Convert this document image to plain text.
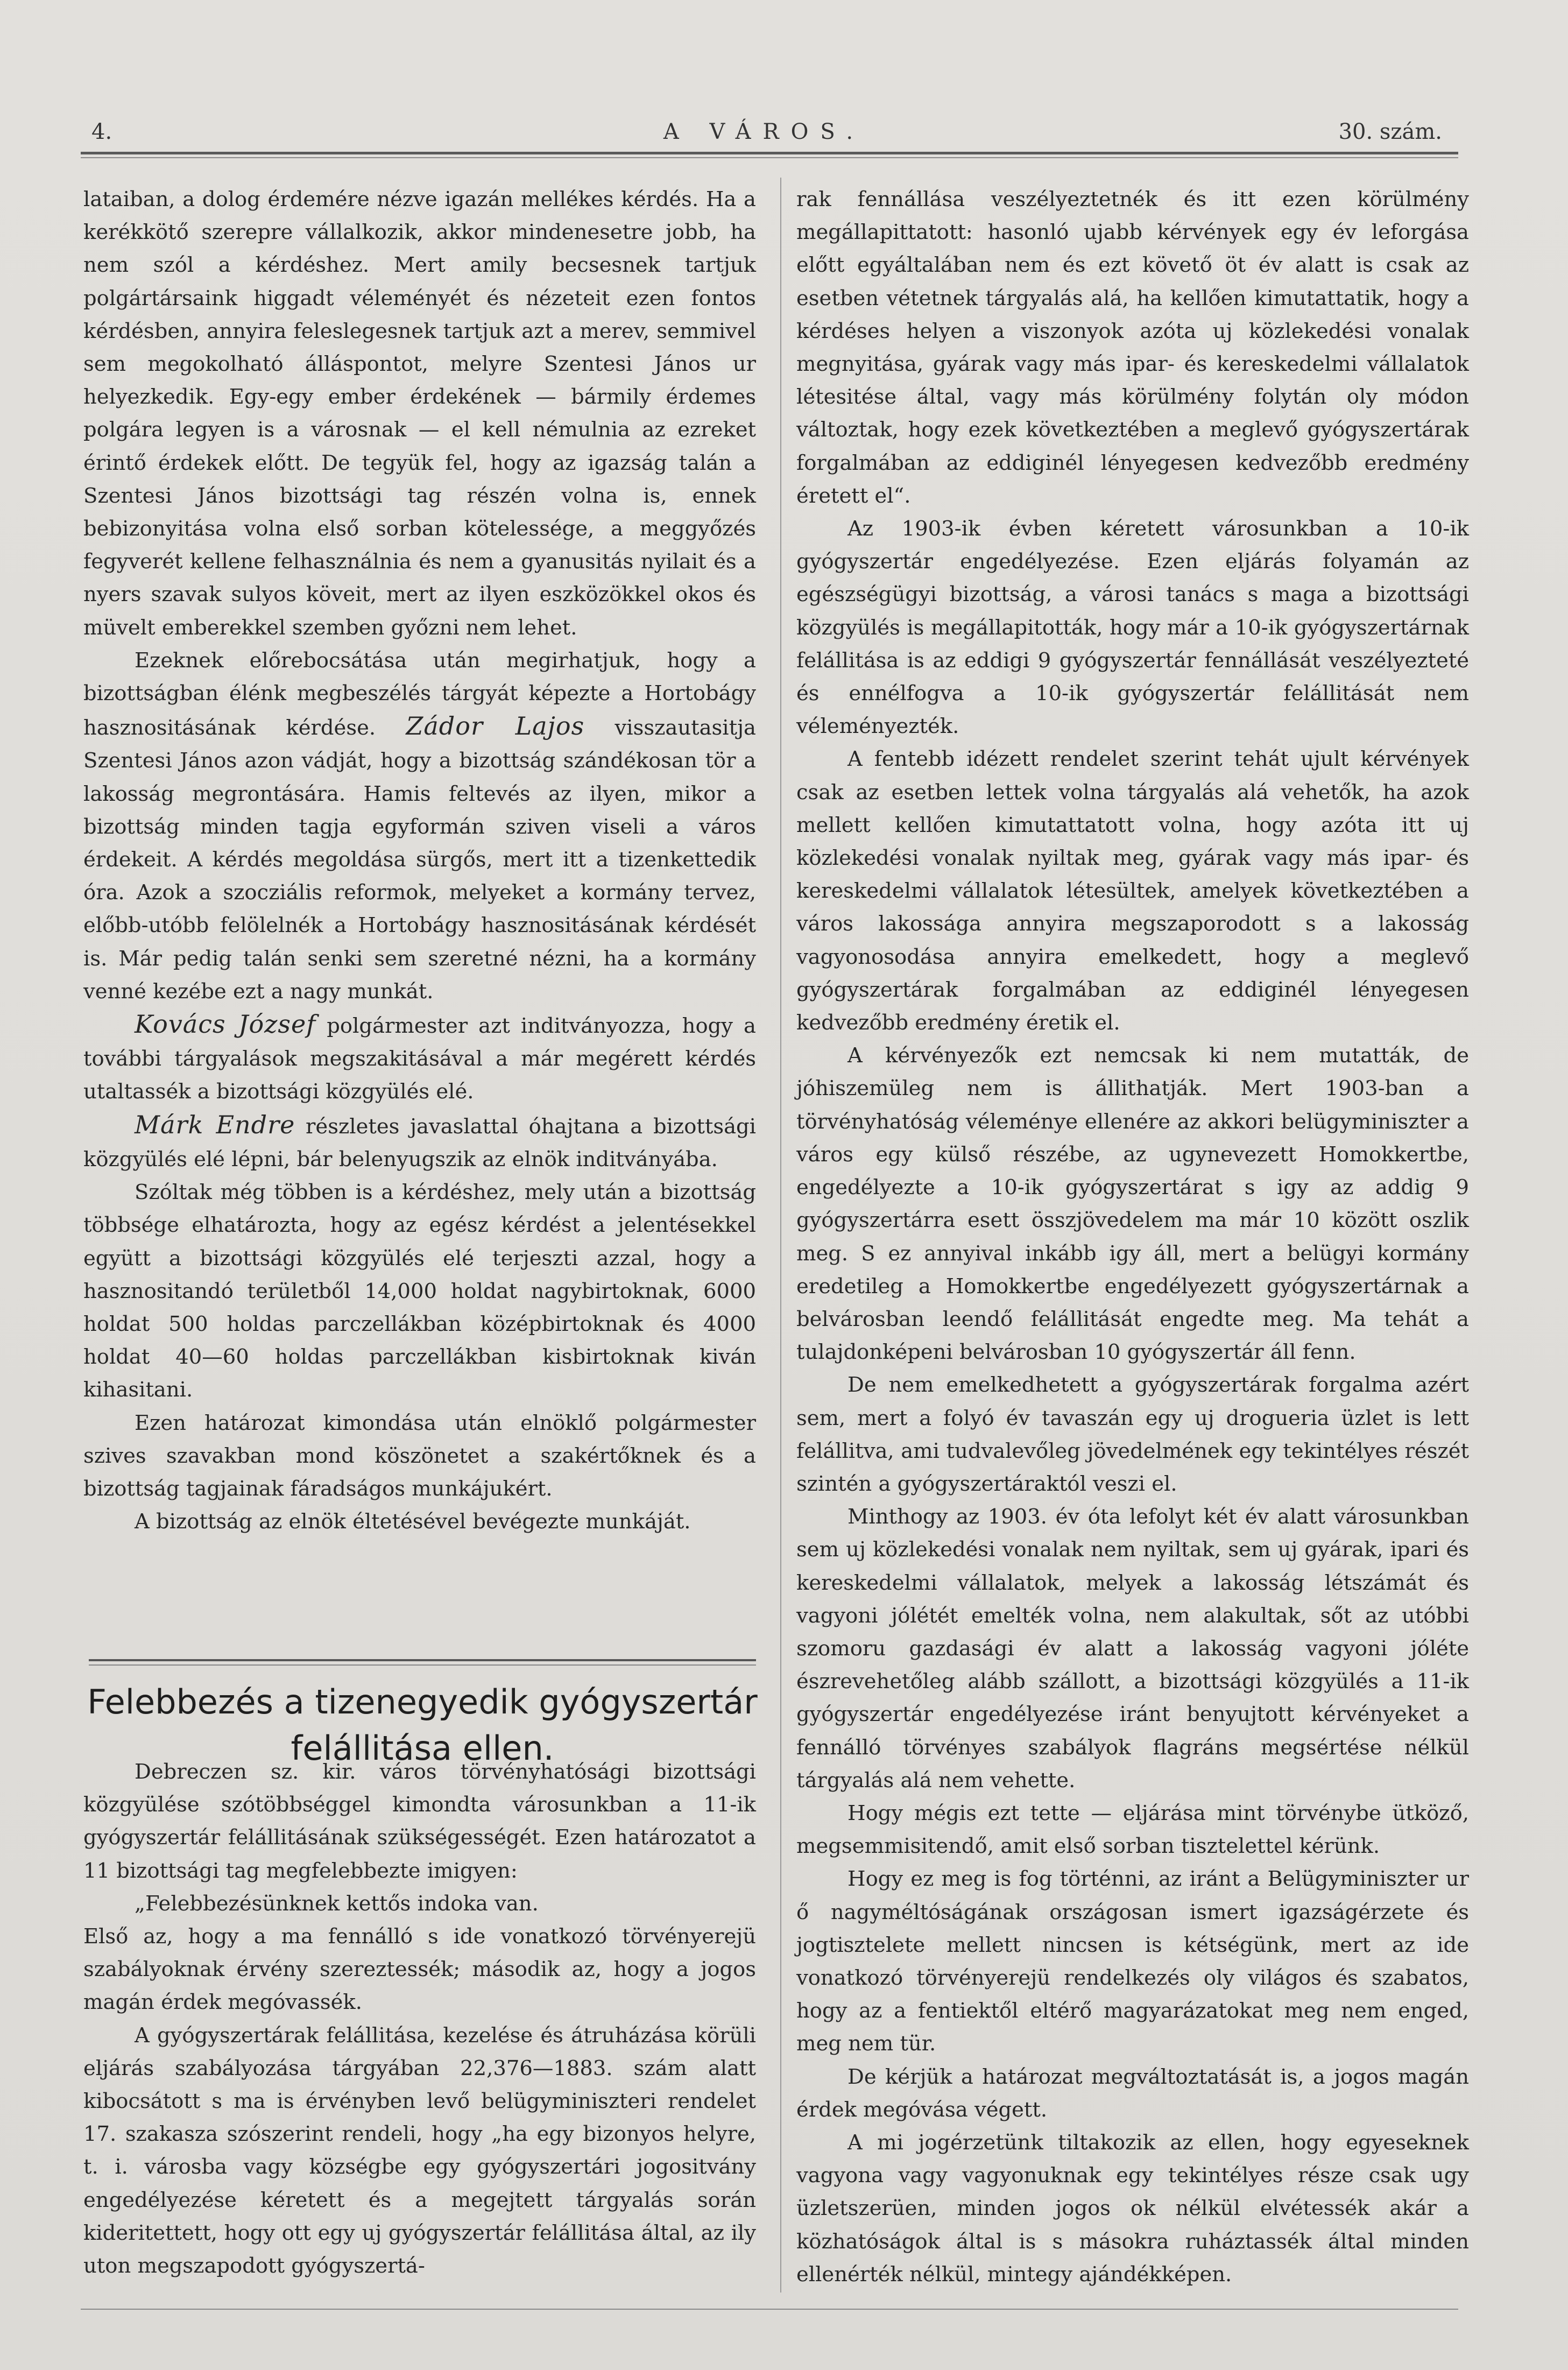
4.	A VÁROS.	30. szám.

lataiban, a dolog érdemére nézve igazán mellékes kérdés. Ha a kerékkötő szerepre vállalkozik, akkor mindenesetre jobb, ha nem szól a kérdéshez. Mert amily becsesnek tartjuk polgártársaink higgadt véleményét és nézeteit ezen fontos kérdésben, annyira feleslegesnek tartjuk azt a merev, semmivel sem megokolható álláspontot, melyre Szentesi János ur helyezkedik. Egy-egy ember érdekének — bármily érdemes polgára legyen is a városnak — el kell némulnia az ezreket érintő érdekek előtt. De tegyük fel, hogy az igazság talán a Szentesi János bizottsági tag részén volna is, ennek bebizonyitása volna első sorban kötelessége, a meggyőzés fegyverét kellene felhasználnia és nem a gyanusitás nyilait és a nyers szavak sulyos köveit, mert az ilyen eszközökkel okos és müvelt emberekkel szemben győzni nem lehet.

Ezeknek előrebocsátása után megirhatjuk, hogy a bizottságban élénk megbeszélés tárgyát képezte a Hortobágy hasznositásának kérdése. Zádor Lajos visszautasitja Szentesi János azon vádját, hogy a bizottság szándékosan tör a lakosság megrontására. Hamis feltevés az ilyen, mikor a bizottság minden tagja egyformán sziven viseli a város érdekeit. A kérdés megoldása sürgős, mert itt a tizenkettedik óra. Azok a szocziális reformok, melyeket a kormány tervez, előbb-utóbb felölelnék a Hortobágy hasznositásának kérdését is. Már pedig talán senki sem szeretné nézni, ha a kormány venné kezébe ezt a nagy munkát.

Kovács József polgármester azt inditványozza, hogy a további tárgyalások megszakitásával a már megérett kérdés utaltassék a bizottsági közgyülés elé.

Márk Endre részletes javaslattal óhajtana a bizottsági közgyülés elé lépni, bár belenyugszik az elnök inditványába.

Szóltak még többen is a kérdéshez, mely után a bizottság többsége elhatározta, hogy az egész kérdést a jelentésekkel együtt a bizottsági közgyülés elé terjeszti azzal, hogy a hasznositandó területből 14,000 holdat nagybirtoknak, 6000 holdat 500 holdas parczellákban középbirtoknak és 4000 holdat 40—60 holdas parczellákban kisbirtoknak kiván kihasitani.

Ezen határozat kimondása után elnöklő polgármester szives szavakban mond köszönetet a szakértőknek és a bizottság tagjainak fáradságos munkájukért.

A bizottság az elnök éltetésével bevégezte munkáját.

Felebbezés a tizenegyedik gyógyszertár felállitása ellen.

Debreczen sz. kir. város törvényhatósági bizottsági közgyülése szótöbbséggel kimondta városunkban a 11-ik gyógyszertár felállitásának szükségességét. Ezen határozatot a 11 bizottsági tag megfelebbezte imigyen:

„Felebbezésünknek kettős indoka van.

Első az, hogy a ma fennálló s ide vonatkozó törvényerejü szabályoknak érvény szereztessék; második az, hogy a jogos magán érdek megóvassék.

A gyógyszertárak felállitása, kezelése és átruházása körüli eljárás szabályozása tárgyában 22,376—1883. szám alatt kibocsátott s ma is érvényben levő belügyminiszteri rendelet 17. szakasza szószerint rendeli, hogy „ha egy bizonyos helyre, t. i. városba vagy községbe egy gyógyszertári jogositvány engedélyezése kéretett és a megejtett tárgyalás során kideritettett, hogy ott egy uj gyógyszertár felállitása által, az ily uton megszapodott gyógyszertá-

rak fennállása veszélyeztetnék és itt ezen körülmény megállapittatott: hasonló ujabb kérvények egy év leforgása előtt egyáltalában nem és ezt követő öt év alatt is csak az esetben vétetnek tárgyalás alá, ha kellően kimutattatik, hogy a kérdéses helyen a viszonyok azóta uj közlekedési vonalak megnyitása, gyárak vagy más ipar- és kereskedelmi vállalatok létesitése által, vagy más körülmény folytán oly módon változtak, hogy ezek következtében a meglevő gyógyszertárak forgalmában az eddiginél lényegesen kedvezőbb eredmény éretett el“.

Az 1903-ik évben kéretett városunkban a 10-ik gyógyszertár engedélyezése. Ezen eljárás folyamán az egészségügyi bizottság, a városi tanács s maga a bizottsági közgyülés is megállapitották, hogy már a 10-ik gyógyszertárnak felállitása is az eddigi 9 gyógyszertár fennállását veszélyezteté és ennélfogva a 10-ik gyógyszertár felállitását nem véleményezték.

A fentebb idézett rendelet szerint tehát ujult kérvények csak az esetben lettek volna tárgyalás alá vehetők, ha azok mellett kellően kimutattatott volna, hogy azóta itt uj közlekedési vonalak nyiltak meg, gyárak vagy más ipar- és kereskedelmi vállalatok létesültek, amelyek következtében a város lakossága annyira megszaporodott s a lakosság vagyonosodása annyira emelkedett, hogy a meglevő gyógyszertárak forgalmában az eddiginél lényegesen kedvezőbb eredmény éretik el.

A kérvényezők ezt nemcsak ki nem mutatták, de jóhiszemüleg nem is állithatják. Mert 1903-ban a törvényhatóság véleménye ellenére az akkori belügyminiszter a város egy külső részébe, az ugynevezett Homokkertbe, engedélyezte a 10-ik gyógyszertárat s igy az addig 9 gyógyszertárra esett összjövedelem ma már 10 között oszlik meg. S ez annyival inkább igy áll, mert a belügyi kormány eredetileg a Homokkertbe engedélyezett gyógyszertárnak a belvárosban leendő felállitását engedte meg. Ma tehát a tulajdonképeni belvárosban 10 gyógyszertár áll fenn.

De nem emelkedhetett a gyógyszertárak forgalma azért sem, mert a folyó év tavaszán egy uj drogueria üzlet is lett felállitva, ami tudvalevőleg jövedelmének egy tekintélyes részét szintén a gyógyszertáraktól veszi el.

Minthogy az 1903. év óta lefolyt két év alatt városunkban sem uj közlekedési vonalak nem nyiltak, sem uj gyárak, ipari és kereskedelmi vállalatok, melyek a lakosság létszámát és vagyoni jólétét emelték volna, nem alakultak, sőt az utóbbi szomoru gazdasági év alatt a lakosság vagyoni jólétе észrevehetőleg alább szállott, a bizottsági közgyülés a 11-ik gyógyszertár engedélyezése iránt benyujtott kérvényeket a fennálló törvényes szabályok flagráns megsértése nélkül tárgyalás alá nem vehette.

Hogy mégis ezt tette — eljárása mint törvénybe ütköző, megsemmisitendő, amit első sorban tisztelettel kérünk.

Hogy ez meg is fog történni, az iránt a Belügyminiszter ur ő nagyméltóságának országosan ismert igazságérzete és jogtisztelete mellett nincsen is kétségünk, mert az ide vonatkozó törvényerejü rendelkezés oly világos és szabatos, hogy az a fentiektől eltérő magyarázatokat meg nem enged, meg nem tür.

De kérjük a határozat megváltoztatását is, a jogos magán érdek megóvása végett.

A mi jogérzetünk tiltakozik az ellen, hogy egyeseknek vagyona vagy vagyonuknak egy tekintélyes része csak ugy üzletszerüen, minden jogos ok nélkül elvétessék akár a közhatóságok által is s másokra ruháztassék által minden ellenérték nélkül, mintegy ajándékképen.
